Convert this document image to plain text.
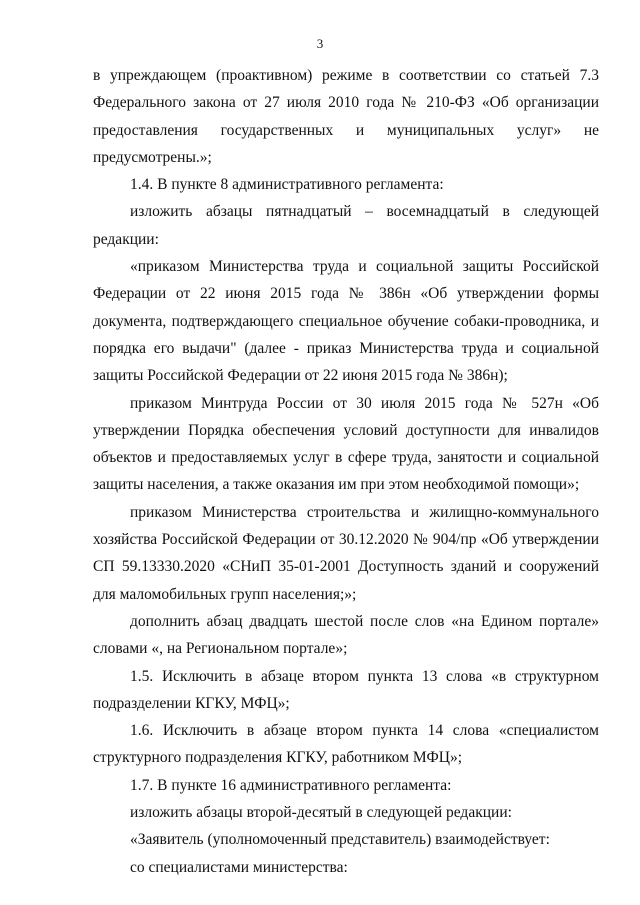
3

в упреждающем (проактивном) режиме в соответствии со статьей 7.3 Федерального закона от 27 июля 2010 года № 210-ФЗ «Об организации предоставления государственных и муниципальных услуг» не предусмотрены.»;

1.4. В пункте 8 административного регламента:

изложить абзацы пятнадцатый – восемнадцатый в следующей редакции:

«приказом Министерства труда и социальной защиты Российской Федерации от 22 июня 2015 года № 386н «Об утверждении формы документа, подтверждающего специальное обучение собаки-проводника, и порядка его выдачи" (далее - приказ Министерства труда и социальной защиты Российской Федерации от 22 июня 2015 года № 386н);

приказом Минтруда России от 30 июля 2015 года № 527н «Об утверждении Порядка обеспечения условий доступности для инвалидов объектов и предоставляемых услуг в сфере труда, занятости и социальной защиты населения, а также оказания им при этом необходимой помощи»;

приказом Министерства строительства и жилищно-коммунального хозяйства Российской Федерации от 30.12.2020 № 904/пр «Об утверждении СП 59.13330.2020 «СНиП 35-01-2001 Доступность зданий и сооружений для маломобильных групп населения;»;

дополнить абзац двадцать шестой после слов «на Едином портале» словами «, на Региональном портале»;

1.5. Исключить в абзаце втором пункта 13 слова «в структурном подразделении КГКУ, МФЦ»;

1.6. Исключить в абзаце втором пункта 14 слова «специалистом структурного подразделения КГКУ, работником МФЦ»;

1.7. В пункте 16 административного регламента:

изложить абзацы второй-десятый в следующей редакции:

«Заявитель (уполномоченный представитель) взаимодействует:

со специалистами министерства:
